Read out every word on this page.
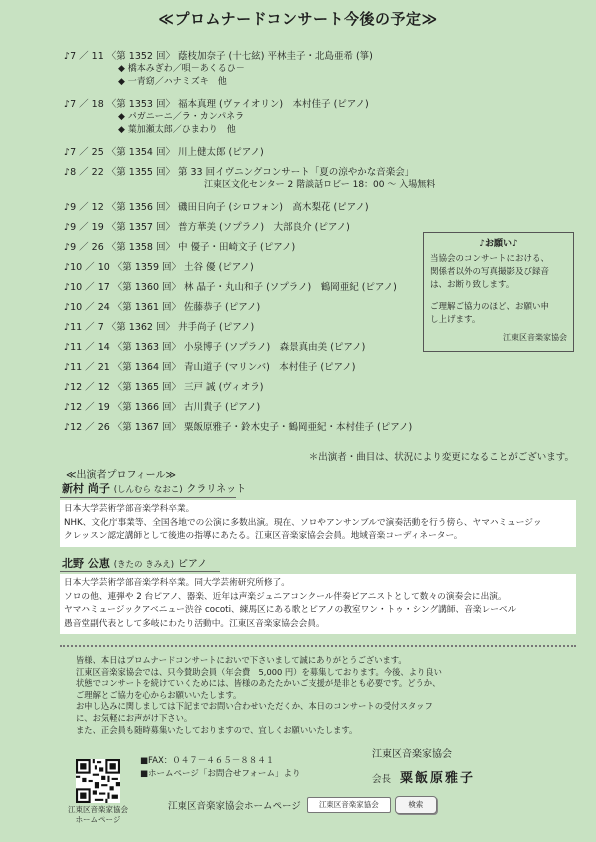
≪プロムナードコンサート今後の予定≫
♪7 ／ 11 〈第 1352 回〉 蔭枝加奈子 (十七絃) 平林圭子・北島亜希 (箏)
◆ 橋本みぎわ／唄－あくるひ－
◆ 一青窈／ハナミズキ　他
♪7 ／ 18 〈第 1353 回〉 福本真理 (ヴァイオリン)　本村佳子 (ピアノ)
◆ パガニーニ／ラ・カンパネラ
◆ 葉加瀬太郎／ひまわり　他
♪7 ／ 25 〈第 1354 回〉 川上健太郎 (ピアノ)
♪8 ／ 22 〈第 1355 回〉 第 33 回イヴニングコンサート「夏の涼やかな音楽会」
江東区文化センター 2 階談話ロビー 18：00 ～ 入場無料
♪9 ／ 12 〈第 1356 回〉 磯田日向子 (シロフォン)　高木梨花 (ピアノ)
♪9 ／ 19 〈第 1357 回〉 普方華美 (ソプラノ)　大部良介 (ピアノ)
♪9 ／ 26 〈第 1358 回〉 中 優子・田崎文子 (ピアノ)
♪10 ／ 10 〈第 1359 回〉 土谷 優 (ピアノ)
♪10 ／ 17 〈第 1360 回〉 林 晶子・丸山和子 (ソプラノ)　鶴岡亜紀 (ピアノ)
♪10 ／ 24 〈第 1361 回〉 佐藤恭子 (ピアノ)
♪11 ／ 7 〈第 1362 回〉 井手尚子 (ピアノ)
♪11 ／ 14 〈第 1363 回〉 小泉博子 (ソプラノ)　森景真由美 (ピアノ)
♪11 ／ 21 〈第 1364 回〉 青山道子 (マリンバ)　本村佳子 (ピアノ)
♪12 ／ 12 〈第 1365 回〉 三戸 誠 (ヴィオラ)
♪12 ／ 19 〈第 1366 回〉 古川貴子 (ピアノ)
♪12 ／ 26 〈第 1367 回〉 粟飯原雅子・鈴木史子・鶴岡亜紀・本村佳子 (ピアノ)
♪お願い♪
当協会のコンサートにおける、
関係者以外の写真撮影及び録音
は、お断り致します。
ご理解ご協力のほど、お願い申
し上げます。
江東区音楽家協会
＊出演者・曲目は、状況により変更になることがございます。
≪出演者プロフィール≫
新村 尚子 (しんむら なおこ) クラリネット
日本大学芸術学部音楽学科卒業。
NHK、文化庁事業等、全国各地での公演に多数出演。現在、ソロやアンサンブルで演奏活動を行う傍ら、ヤマハミュージッ
クレッスン認定講師として後進の指導にあたる。江東区音楽家協会会員。地域音楽コーディネーター。
北野 公恵 (きたの きみえ) ピアノ
日本大学芸術学部音楽学科卒業。同大学芸術研究所修了。
ソロの他、連弾や 2 台ピアノ、器楽、近年は声楽ジュニアコンクール伴奏ピアニストとして数々の演奏会に出演。
ヤマハミュージックアベニュー渋谷 cocoti、練馬区にある歌とピアノの教室ワン・トゥ・シング講師、音楽レーベル
愚音堂副代表として多岐にわたり活動中。江東区音楽家協会会員。
皆様、本日はプロムナードコンサートにおいで下さいまして誠にありがとうございます。
江東区音楽家協会では、只今賛助会員（年会費　5,000 円）を募集しております。今後、より良い
状態でコンサートを続けていくためには、皆様のあたたかいご支援が是非とも必要です。どうか、
ご理解とご協力を心からお願いいたします。
お申し込みに関しましては下記までお問い合わせいただくか、本日のコンサートの受付スタッフ
に、お気軽にお声がけ下さい。
また、正会員も随時募集いたしておりますので、宜しくお願いいたします。
江東区音楽家協会
会長 粟飯原雅子
■FAX：０４７－４６５－８８４１
■ホームページ「お問合せフォーム」より
江東区音楽家協会
ホームページ
江東区音楽家協会ホームページ	江東区音楽家協会	検索
